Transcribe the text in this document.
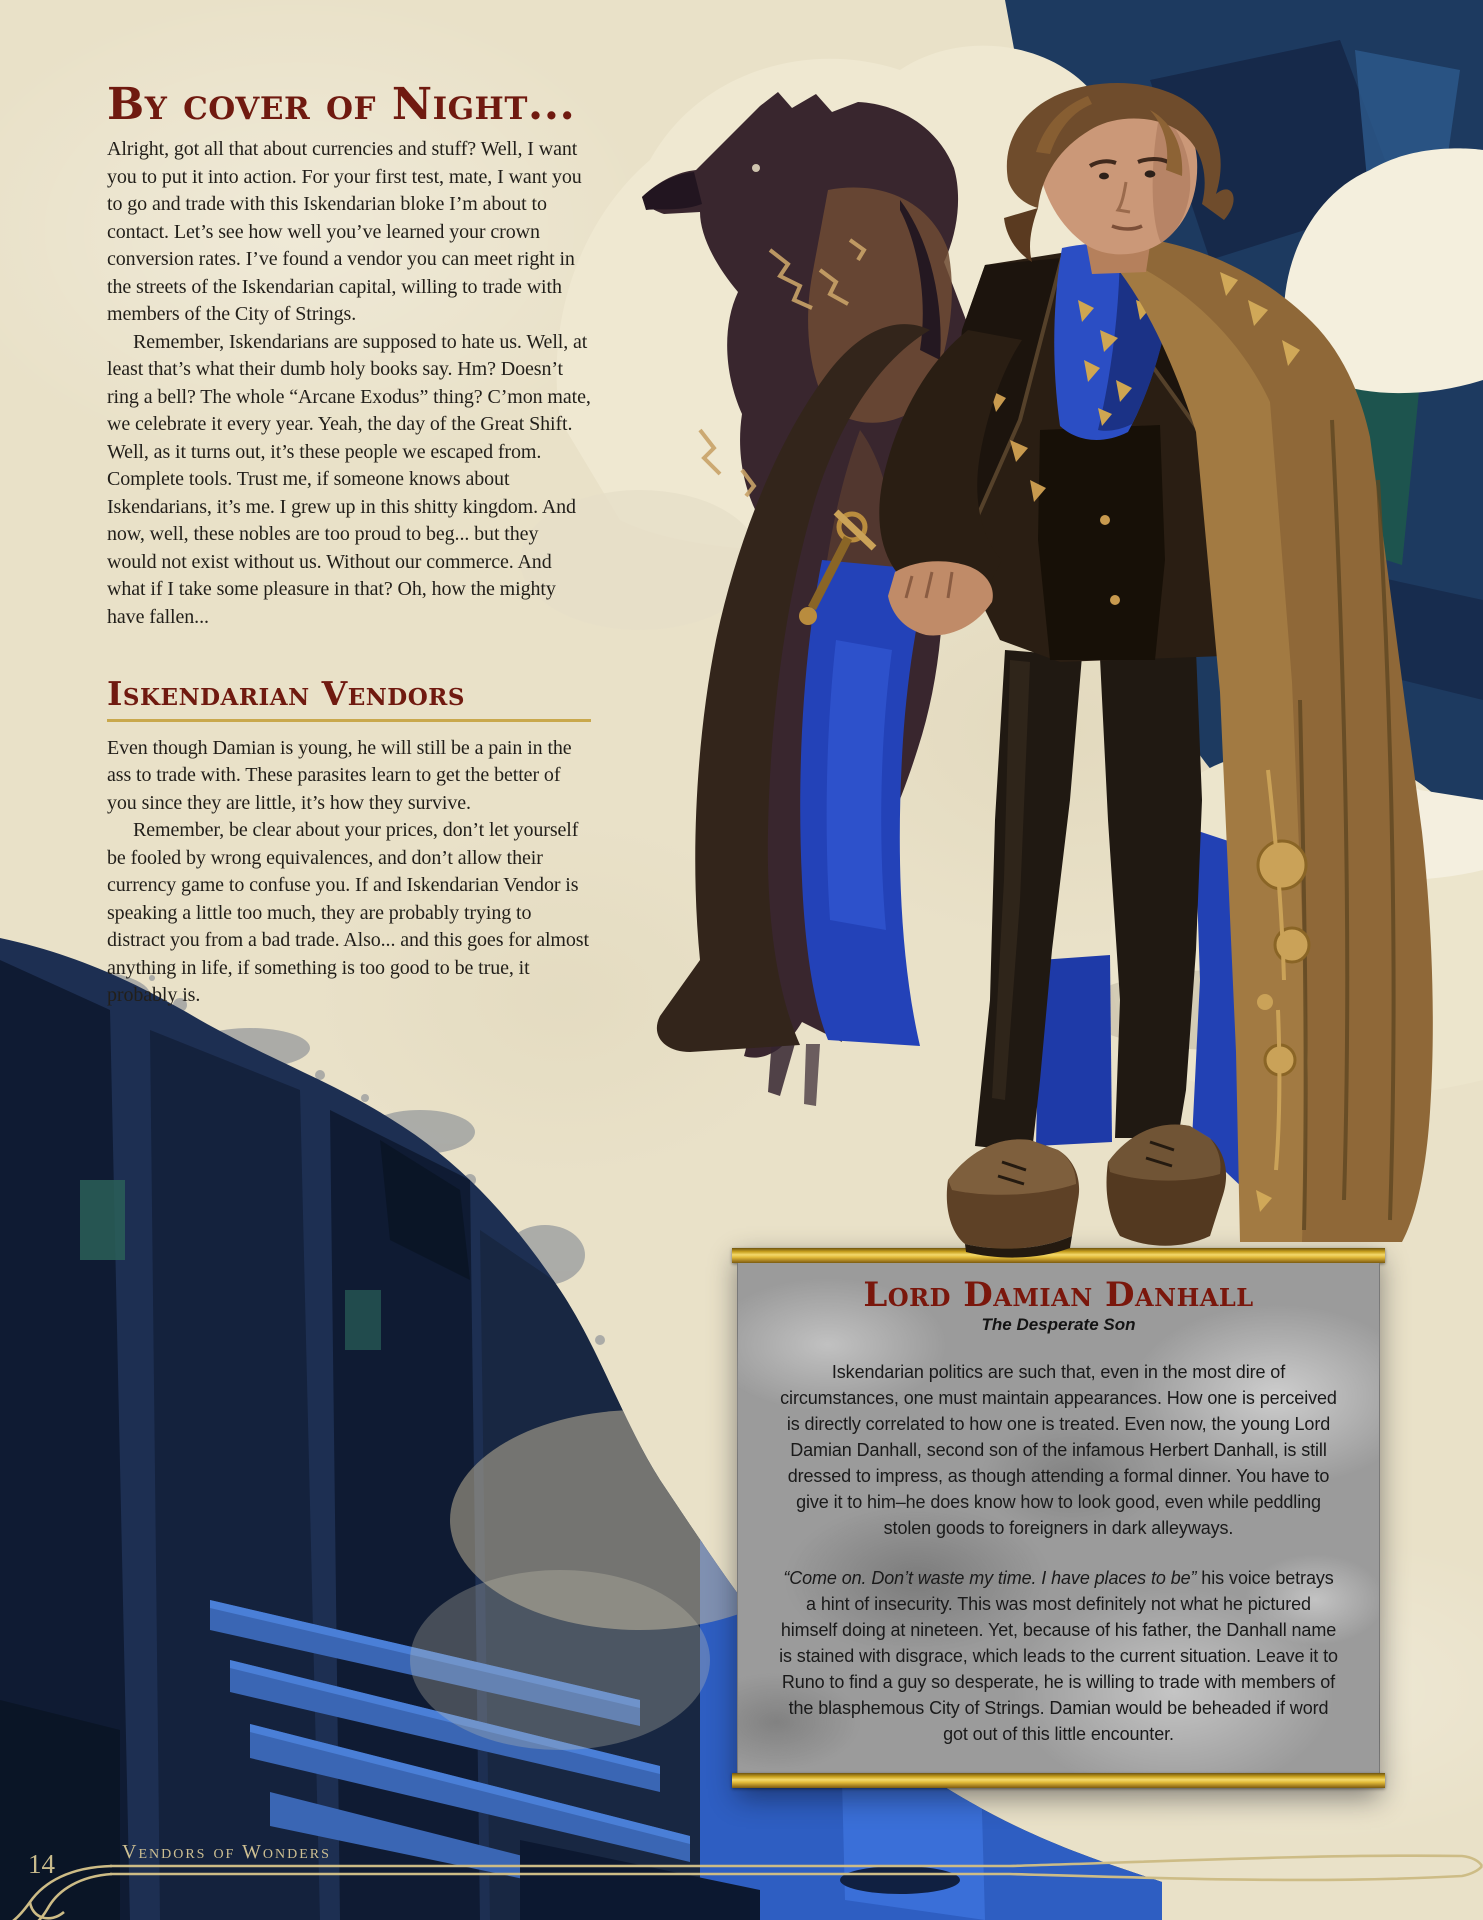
Lord Damian Danhall
The Desperate Son

Iskendarian politics are such that, even in the most dire of circumstances, one must maintain appearances. How one is perceived is directly correlated to how one is treated. Even now, the young Lord Damian Danhall, second son of the infamous Herbert Danhall, is still dressed to impress, as though attending a formal dinner. You have to give it to him–he does know how to look good, even while peddling stolen goods to foreigners in dark alleyways.

“Come on. Don’t waste my time. I have places to be” his voice betrays a hint of insecurity. This was most definitely not what he pictured himself doing at nineteen. Yet, because of his father, the Danhall name is stained with disgrace, which leads to the current situation. Leave it to Runo to find a guy so desperate, he is willing to trade with members of the blasphemous City of Strings. Damian would be beheaded if word got out of this little encounter.

By cover of Night...

Alright, got all that about currencies and stuff? Well, I want you to put it into action. For your first test, mate, I want you to go and trade with this Iskendarian bloke I’m about to contact. Let’s see how well you’ve learned your crown conversion rates. I’ve found a vendor you can meet right in the streets of the Iskendarian capital, willing to trade with members of the City of Strings.

Remember, Iskendarians are supposed to hate us. Well, at least that’s what their dumb holy books say. Hm? Doesn’t ring a bell? The whole “Arcane Exodus” thing? C’mon mate, we celebrate it every year. Yeah, the day of the Great Shift. Well, as it turns out, it’s these people we escaped from. Complete tools. Trust me, if someone knows about Iskendarians, it’s me. I grew up in this shitty kingdom. And now, well, these nobles are too proud to beg... but they would not exist without us. Without our commerce. And what if I take some pleasure in that? Oh, how the mighty have fallen...

Iskendarian Vendors

Even though Damian is young, he will still be a pain in the ass to trade with. These parasites learn to get the better of you since they are little, it’s how they survive.

Remember, be clear about your prices, don’t let yourself be fooled by wrong equivalences, and don’t allow their currency game to confuse you. If and Iskendarian Vendor is speaking a little too much, they are probably trying to distract you from a bad trade. Also... and this goes for almost anything in life, if something is too good to be true, it probably is.

14	Vendors of Wonders
